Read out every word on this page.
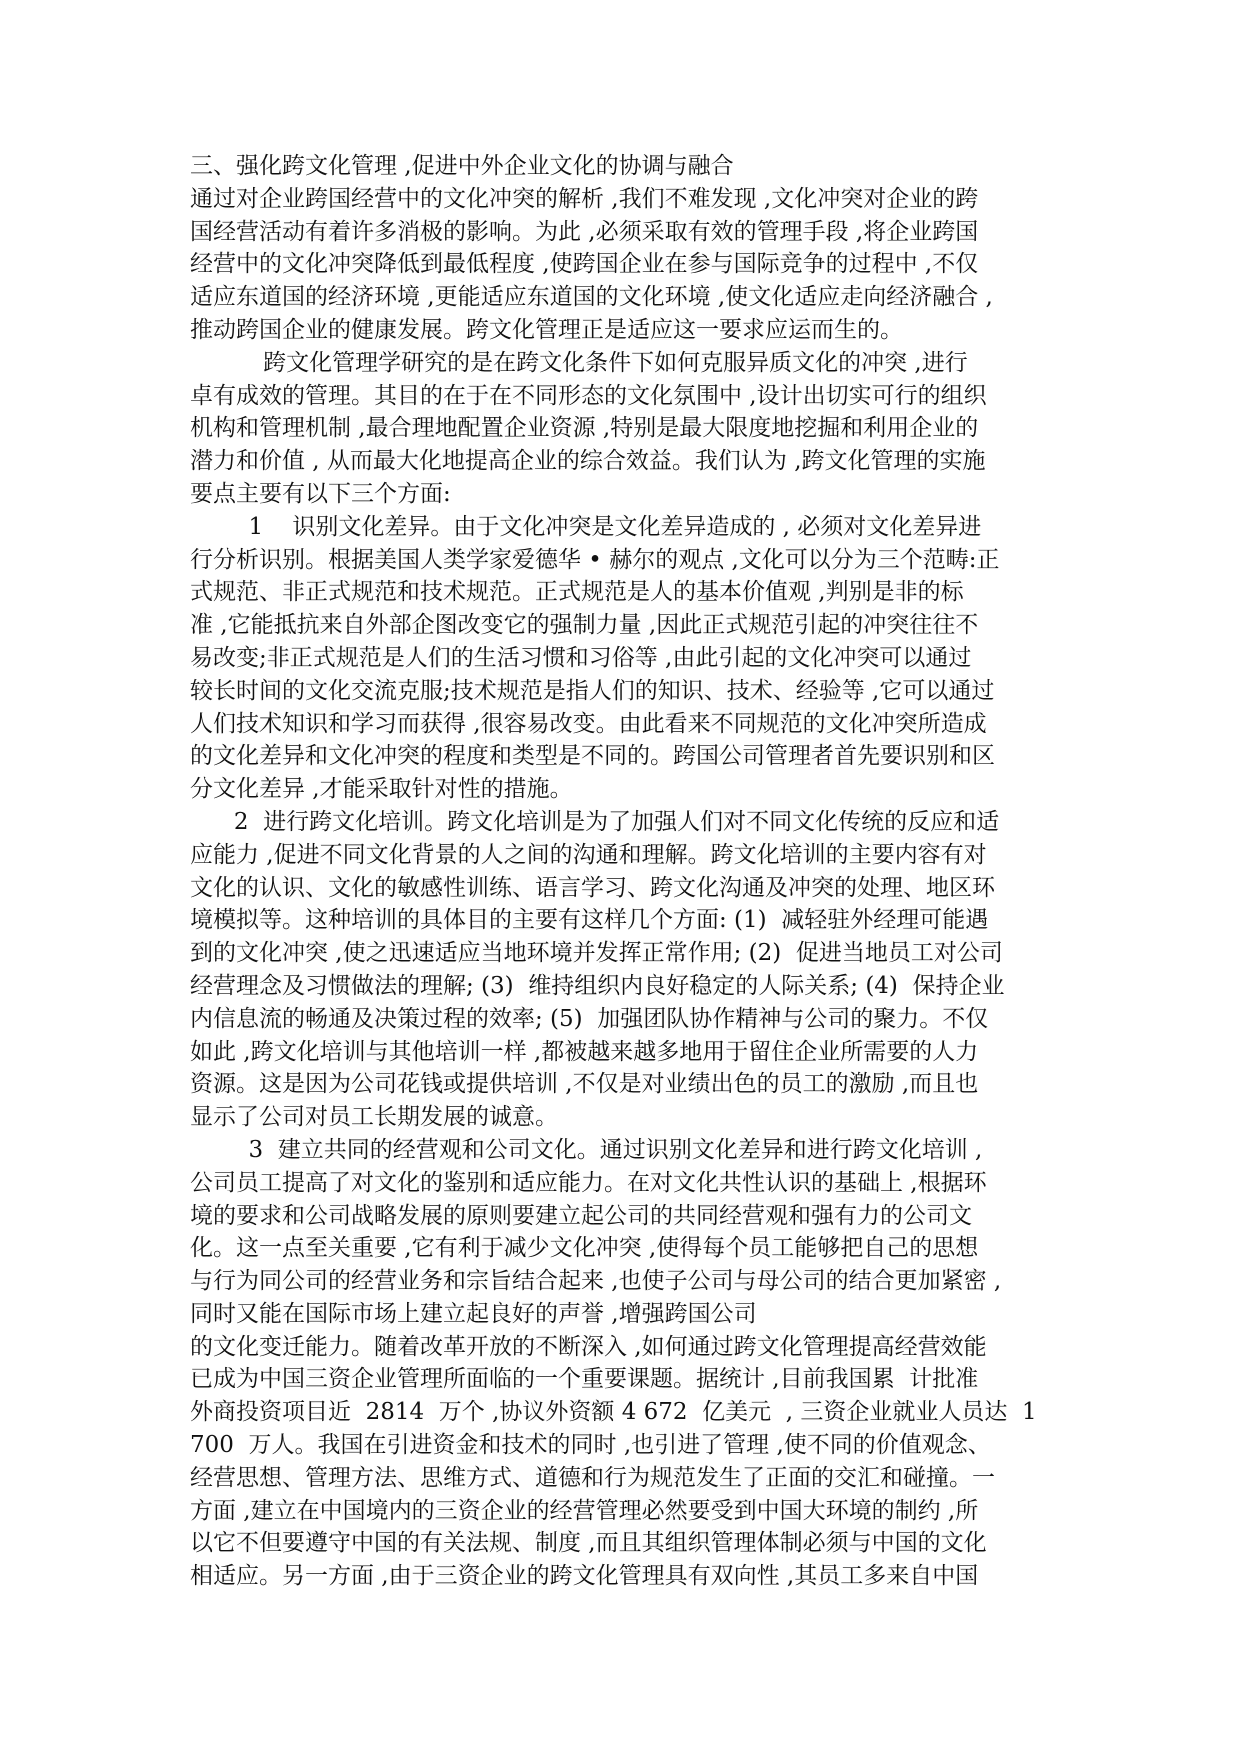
三、强化跨文化管理 ,促进中外企业文化的协调与融合
通过对企业跨国经营中的文化冲突的解析 ,我们不难发现 ,文化冲突对企业的跨
国经营活动有着许多消极的影响。为此 ,必须采取有效的管理手段 ,将企业跨国
经营中的文化冲突降低到最低程度 ,使跨国企业在参与国际竞争的过程中 ,不仅
适应东道国的经济环境 ,更能适应东道国的文化环境 ,使文化适应走向经济融合 ,
推动跨国企业的健康发展。跨文化管理正是适应这一要求应运而生的。
跨文化管理学研究的是在跨文化条件下如何克服异质文化的冲突 ,进行
卓有成效的管理。其目的在于在不同形态的文化氛围中 ,设计出切实可行的组织
机构和管理机制 ,最合理地配置企业资源 ,特别是最大限度地挖掘和利用企业的
潜力和价值 , 从而最大化地提高企业的综合效益。我们认为 ,跨文化管理的实施
要点主要有以下三个方面:
1    识别文化差异。由于文化冲突是文化差异造成的 , 必须对文化差异进
行分析识别。根据美国人类学家爱德华 • 赫尔的观点 ,文化可以分为三个范畴:正
式规范、非正式规范和技术规范。正式规范是人的基本价值观 ,判别是非的标
准 ,它能抵抗来自外部企图改变它的强制力量 ,因此正式规范引起的冲突往往不
易改变;非正式规范是人们的生活习惯和习俗等 ,由此引起的文化冲突可以通过
较长时间的文化交流克服;技术规范是指人们的知识、技术、经验等 ,它可以通过
人们技术知识和学习而获得 ,很容易改变。由此看来不同规范的文化冲突所造成
的文化差异和文化冲突的程度和类型是不同的。跨国公司管理者首先要识别和区
分文化差异 ,才能采取针对性的措施。
2  进行跨文化培训。跨文化培训是为了加强人们对不同文化传统的反应和适
应能力 ,促进不同文化背景的人之间的沟通和理解。跨文化培训的主要内容有对
文化的认识、文化的敏感性训练、语言学习、跨文化沟通及冲突的处理、地区环
境模拟等。这种培训的具体目的主要有这样几个方面: (1)  减轻驻外经理可能遇
到的文化冲突 ,使之迅速适应当地环境并发挥正常作用; (2)  促进当地员工对公司
经营理念及习惯做法的理解; (3)  维持组织内良好稳定的人际关系; (4)  保持企业
内信息流的畅通及决策过程的效率; (5)  加强团队协作精神与公司的聚力。不仅
如此 ,跨文化培训与其他培训一样 ,都被越来越多地用于留住企业所需要的人力
资源。这是因为公司花钱或提供培训 ,不仅是对业绩出色的员工的激励 ,而且也
显示了公司对员工长期发展的诚意。
3  建立共同的经营观和公司文化。通过识别文化差异和进行跨文化培训 ,
公司员工提高了对文化的鉴别和适应能力。在对文化共性认识的基础上 ,根据环
境的要求和公司战略发展的原则要建立起公司的共同经营观和强有力的公司文
化。这一点至关重要 ,它有利于减少文化冲突 ,使得每个员工能够把自己的思想
与行为同公司的经营业务和宗旨结合起来 ,也使子公司与母公司的结合更加紧密 ,
同时又能在国际市场上建立起良好的声誉 ,增强跨国公司
的文化变迁能力。随着改革开放的不断深入 ,如何通过跨文化管理提高经营效能
已成为中国三资企业管理所面临的一个重要课题。据统计 ,目前我国累  计批准
外商投资项目近  2814  万个 ,协议外资额 4 672  亿美元  , 三资企业就业人员达  1
700  万人。我国在引进资金和技术的同时 ,也引进了管理 ,使不同的价值观念、
经营思想、管理方法、思维方式、道德和行为规范发生了正面的交汇和碰撞。一
方面 ,建立在中国境内的三资企业的经营管理必然要受到中国大环境的制约 ,所
以它不但要遵守中国的有关法规、制度 ,而且其组织管理体制必须与中国的文化
相适应。另一方面 ,由于三资企业的跨文化管理具有双向性 ,其员工多来自中国
